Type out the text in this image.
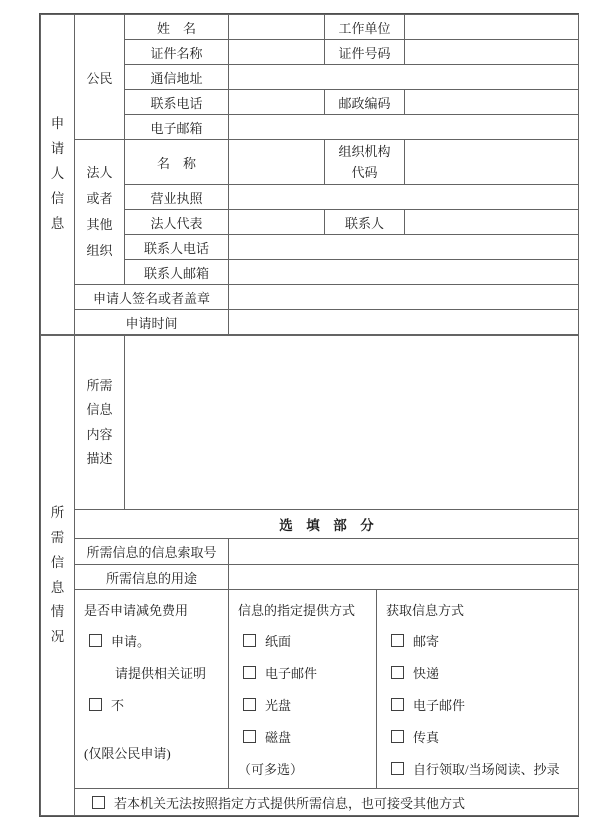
申请人信息	公民	姓　名		工作单位	
		证件名称		证件号码	
		通信地址			
		联系电话		邮政编码	
		电子邮箱			

	法人或者其他组织	名　称		组织机构代码	

		营业执照			
		法人代表		联系人	
		联系人电话			
		联系人邮箱			
	申请人签名或者盖章				
	申请时间				
所需信息情况	所需信息内容描述			

	选　填　部　分			
	所需信息的信息索取号			
	所需信息的用途			

是否申请减免费用
申请。
请提供相关证明
不
(仅限公民申请)

信息的指定提供方式
纸面
电子邮件
光盘
磁盘
（可多选）

获取信息方式
邮寄
快递
电子邮件
传真
自行领取/当场阅读、抄录

	若本机关无法按照指定方式提供所需信息，也可接受其他方式			
